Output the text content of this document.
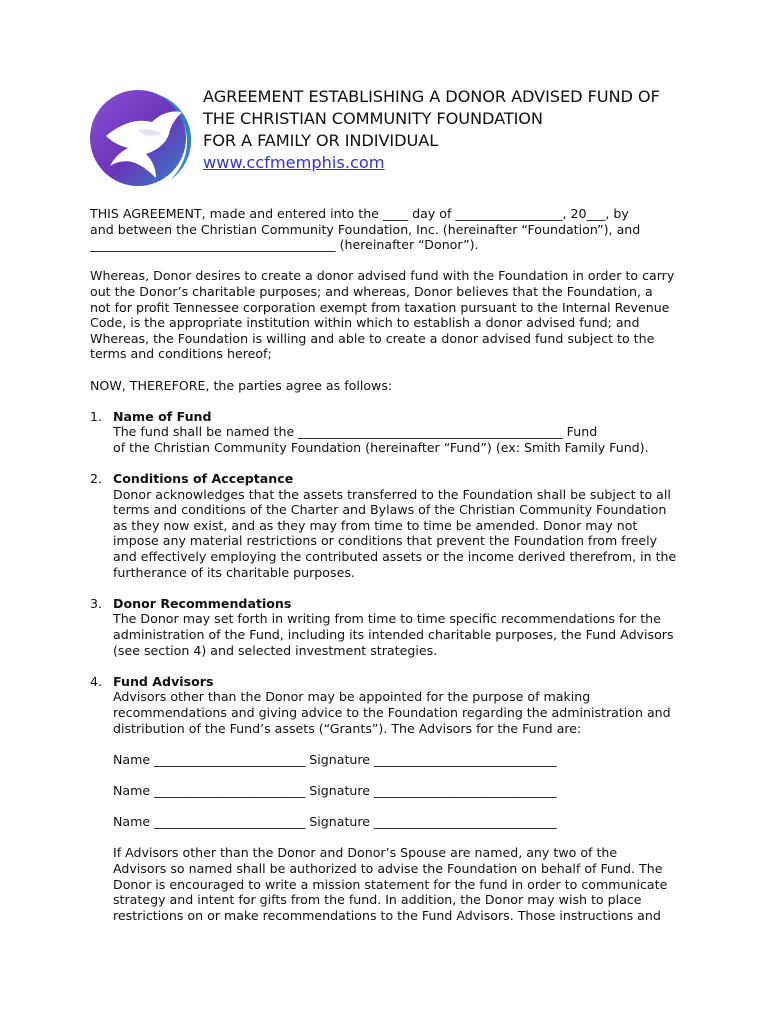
AGREEMENT ESTABLISHING A DONOR ADVISED FUND OF
THE CHRISTIAN COMMUNITY FOUNDATION
FOR A FAMILY OR INDIVIDUAL
www.ccfmemphis.com

THIS AGREEMENT, made and entered into the ____ day of _________________, 20___, by
and between the Christian Community Foundation, Inc. (hereinafter “Foundation”), and
_______________________________________ (hereinafter “Donor”).

Whereas, Donor desires to create a donor advised fund with the Foundation in order to carry
out the Donor’s charitable purposes; and whereas, Donor believes that the Foundation, a
not for profit Tennessee corporation exempt from taxation pursuant to the Internal Revenue
Code, is the appropriate institution within which to establish a donor advised fund; and
Whereas, the Foundation is willing and able to create a donor advised fund subject to the
terms and conditions hereof;

NOW, THEREFORE, the parties agree as follows:

1. Name of Fund
The fund shall be named the __________________________________________ Fund
of the Christian Community Foundation (hereinafter “Fund”) (ex: Smith Family Fund).
2. Conditions of Acceptance
Donor acknowledges that the assets transferred to the Foundation shall be subject to all
terms and conditions of the Charter and Bylaws of the Christian Community Foundation
as they now exist, and as they may from time to time be amended. Donor may not
impose any material restrictions or conditions that prevent the Foundation from freely
and effectively employing the contributed assets or the income derived therefrom, in the
furtherance of its charitable purposes.
3. Donor Recommendations
The Donor may set forth in writing from time to time specific recommendations for the
administration of the Fund, including its intended charitable purposes, the Fund Advisors
(see section 4) and selected investment strategies.
4. Fund Advisors
Advisors other than the Donor may be appointed for the purpose of making
recommendations and giving advice to the Foundation regarding the administration and
distribution of the Fund’s assets (“Grants”). The Advisors for the Fund are:
Name ________________________ Signature _____________________________
Name ________________________ Signature _____________________________
Name ________________________ Signature _____________________________
If Advisors other than the Donor and Donor’s Spouse are named, any two of the
Advisors so named shall be authorized to advise the Foundation on behalf of Fund. The
Donor is encouraged to write a mission statement for the fund in order to communicate
strategy and intent for gifts from the fund. In addition, the Donor may wish to place
restrictions on or make recommendations to the Fund Advisors. Those instructions and
